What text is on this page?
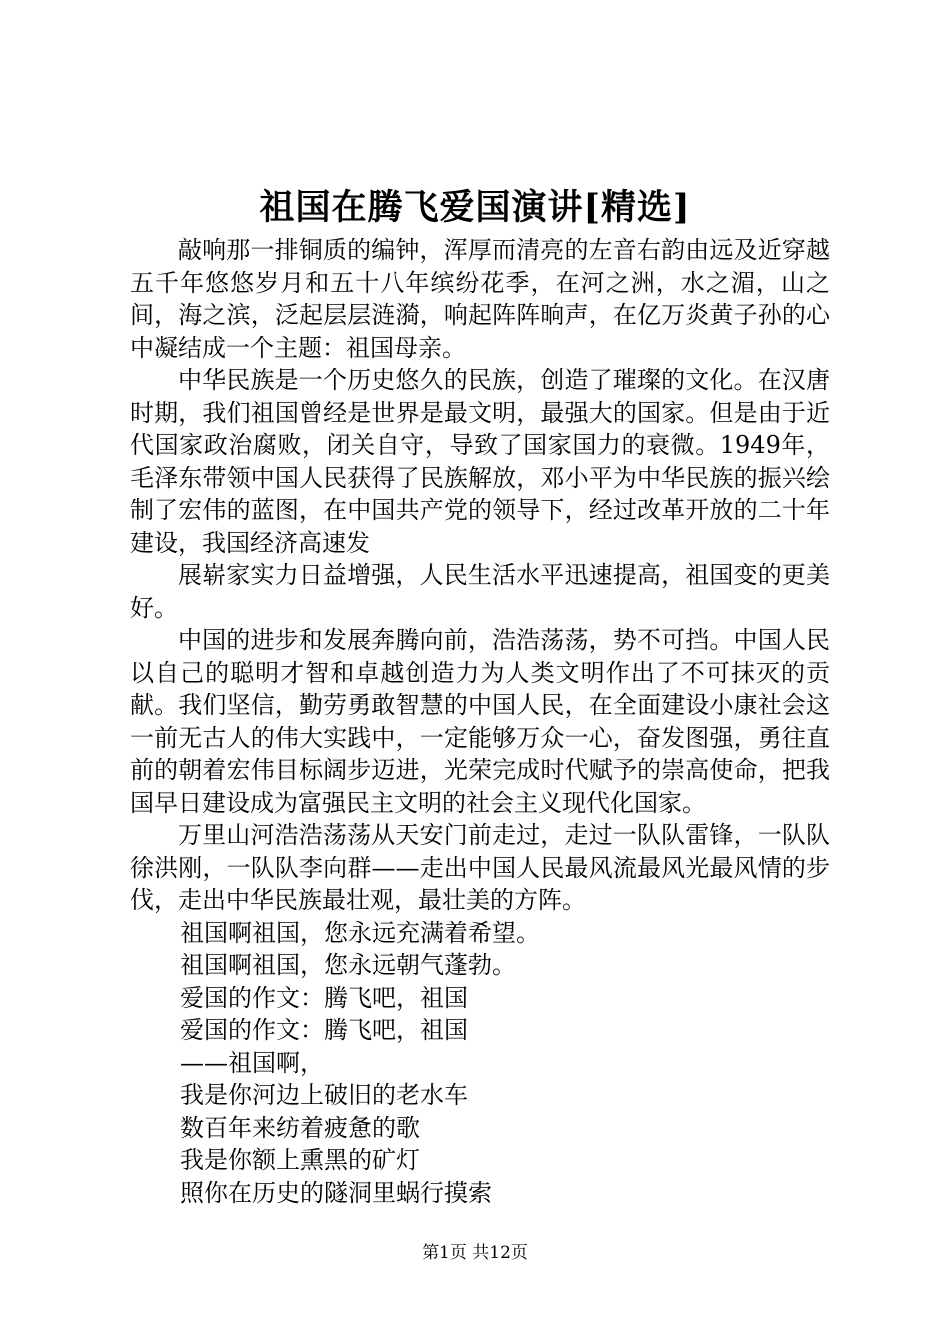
祖国在腾飞爱国演讲[精选]

敲响那一排铜质的编钟，浑厚而清亮的左音右韵由远及近穿越五千年悠悠岁月和五十八年缤纷花季，在河之洲，水之湄，山之间，海之滨，泛起层层涟漪，响起阵阵晌声，在亿万炎黄子孙的心中凝结成一个主题：祖国母亲。

中华民族是一个历史悠久的民族，创造了璀璨的文化。在汉唐时期，我们祖国曾经是世界是最文明，最强大的国家。但是由于近代国家政治腐败，闭关自守，导致了国家国力的衰微。1949年，毛泽东带领中国人民获得了民族解放，邓小平为中华民族的振兴绘制了宏伟的蓝图，在中国共产党的领导下，经过改革开放的二十年建设，我国经济高速发

展崭家实力日益增强，人民生活水平迅速提高，祖国变的更美好。

中国的进步和发展奔腾向前，浩浩荡荡，势不可挡。中国人民以自己的聪明才智和卓越创造力为人类文明作出了不可抹灭的贡献。我们坚信，勤劳勇敢智慧的中国人民，在全面建设小康社会这一前无古人的伟大实践中，一定能够万众一心，奋发图强，勇往直前的朝着宏伟目标阔步迈进，光荣完成时代赋予的崇高使命，把我国早日建设成为富强民主文明的社会主义现代化国家。

万里山河浩浩荡荡从天安门前走过，走过一队队雷锋，一队队徐洪刚，一队队李向群——走出中国人民最风流最风光最风情的步伐，走出中华民族最壮观，最壮美的方阵。

祖国啊祖国，您永远充满着希望。

祖国啊祖国，您永远朝气蓬勃。

爱国的作文：腾飞吧，祖国

爱国的作文：腾飞吧，祖国

——祖国啊，

我是你河边上破旧的老水车

数百年来纺着疲惫的歌

我是你额上熏黑的矿灯

照你在历史的隧洞里蜗行摸索

第1页 共12页
